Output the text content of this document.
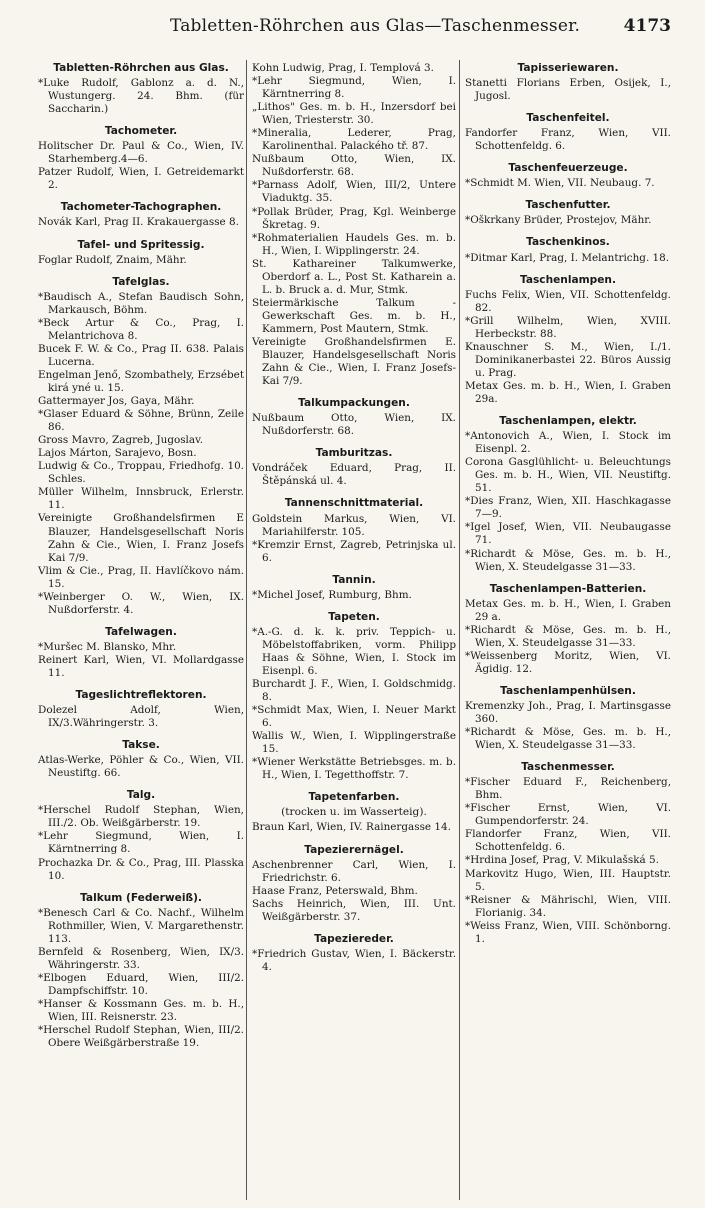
Tabletten-Röhrchen aus Glas—Taschenmesser.	4173
Tabletten-Röhrchen aus Glas.
*Luke Rudolf, Gablonz a. d. N., Wustungerg. 24. Bhm. (für Saccharin.)
Tachometer.
Holitscher Dr. Paul & Co., Wien, IV. Starhemberg.4—6.
Patzer Rudolf, Wien, I. Getreidemarkt 2.
Tachometer-Tachographen.
Novák Karl, Prag II. Krakauergasse 8.
Tafel- und Spritessig.
Foglar Rudolf, Znaim, Mähr.
Tafelglas.
*Baudisch A., Stefan Baudisch Sohn, Markausch, Böhm.
*Beck Artur & Co., Prag, I. Melantrichova 8.
Bucek F. W. & Co., Prag II. 638. Palais Lucerna.
Engelman Jenő, Szombathely, Erzsébet kirá yné u. 15.
Gattermayer Jos, Gaya, Mähr.
*Glaser Eduard & Söhne, Brünn, Zeile 86.
Gross Mavro, Zagreb, Jugoslav.
Lajos Márton, Sarajevo, Bosn.
Ludwig & Co., Troppau, Friedhofg. 10. Schles.
Müller Wilhelm, Innsbruck, Erlerstr. 11.
Vereinigte Großhandelsfirmen E Blauzer, Handelsgesellschaft Noris Zahn & Cie., Wien, I. Franz Josefs Kai 7/9.
Vlim & Cie., Prag, II. Havlíčkovo nám. 15.
*Weinberger O. W., Wien, IX. Nußdorferstr. 4.
Tafelwagen.
*Muršec M. Blansko, Mhr.
Reinert Karl, Wien, VI. Mollardgasse 11.
Tageslichtreflektoren.
Dolezel Adolf, Wien, IX/3.Währingerstr. 3.
Takse.
Atlas-Werke, Pöhler & Co., Wien, VII. Neustiftg. 66.
Talg.
*Herschel Rudolf Stephan, Wien, III./2. Ob. Weißgärberstr. 19.
*Lehr Siegmund, Wien, I. Kärntnerring 8.
Prochazka Dr. & Co., Prag, III. Plasska 10.
Talkum (Federweiß).
*Benesch Carl & Co. Nachf., Wilhelm Rothmiller, Wien, V. Margarethenstr. 113.
Bernfeld & Rosenberg, Wien, IX/3. Währingerstr. 33.
*Elbogen Eduard, Wien, III/2. Dampfschiffstr. 10.
*Hanser & Kossmann Ges. m. b. H., Wien, III. Reisnerstr. 23.
*Herschel Rudolf Stephan, Wien, III/2. Obere Weißgärberstraße 19.
Kohn Ludwig, Prag, I. Templová 3.
*Lehr Siegmund, Wien, I. Kärntnerring 8.
„Lithos" Ges. m. b. H., Inzersdorf bei Wien, Triesterstr. 30.
*Mineralia, Lederer, Prag, Karolinenthal. Palackého tř. 87.
Nußbaum Otto, Wien, IX. Nußdorferstr. 68.
*Parnass Adolf, Wien, III/2, Untere Viaduktg. 35.
*Pollak Brüder, Prag, Kgl. Weinberge Škretag. 9.
*Rohmaterialien Haudels Ges. m. b. H., Wien, I. Wipplingerstr. 24.
St. Kathareiner Talkumwerke, Oberdorf a. L., Post St. Katharein a. L. b. Bruck a. d. Mur, Stmk.
Steiermärkische Talkum - Gewerkschaft Ges. m. b. H., Kammern, Post Mautern, Stmk.
Vereinigte Großhandelsfirmen E. Blauzer, Handelsgesellschaft Noris Zahn & Cie., Wien, I. Franz Josefs-Kai 7/9.
Talkumpackungen.
Nußbaum Otto, Wien, IX. Nußdorferstr. 68.
Tamburitzas.
Vondráček Eduard, Prag, II. Štěpánská ul. 4.
Tannenschnittmaterial.
Goldstein Markus, Wien, VI. Mariahilferstr. 105.
*Kremzir Ernst, Zagreb, Petrinjska ul. 6.
Tannin.
*Michel Josef, Rumburg, Bhm.
Tapeten.
*A.-G. d. k. k. priv. Teppich- u. Möbelstoffabriken, vorm. Philipp Haas & Söhne, Wien, I. Stock im Eisenpl. 6.
Burchardt J. F., Wien, I. Goldschmidg. 8.
*Schmidt Max, Wien, I. Neuer Markt 6.
Wallis W., Wien, I. Wipplingerstraße 15.
*Wiener Werkstätte Betriebsges. m. b. H., Wien, I. Tegetthoffstr. 7.
Tapetenfarben.
(trocken u. im Wasserteig).
Braun Karl, Wien, IV. Rainergasse 14.
Tapezierernägel.
Aschenbrenner Carl, Wien, I. Friedrichstr. 6.
Haase Franz, Peterswald, Bhm.
Sachs Heinrich, Wien, III. Unt. Weißgärberstr. 37.
Tapeziereder.
*Friedrich Gustav, Wien, I. Bäckerstr. 4.
Tapisseriewaren.
Stanetti Florians Erben, Osijek, I., Jugosl.
Taschenfeitel.
Fandorfer Franz, Wien, VII. Schottenfeldg. 6.
Taschenfeuerzeuge.
*Schmidt M. Wien, VII. Neubaug. 7.
Taschenfutter.
*Oškrkany Brüder, Prostejov, Mähr.
Taschenkinos.
*Ditmar Karl, Prag, I. Melantrichg. 18.
Taschenlampen.
Fuchs Felix, Wien, VII. Schottenfeldg. 82.
*Grill Wilhelm, Wien, XVIII. Herbeckstr. 88.
Knauschner S. M., Wien, I./1. Dominikanerbastei 22. Büros Aussig u. Prag.
Metax Ges. m. b. H., Wien, I. Graben 29a.
Taschenlampen, elektr.
*Antonovich A., Wien, I. Stock im Eisenpl. 2.
Corona Gasglühlicht- u. Beleuchtungs Ges. m. b. H., Wien, VII. Neustiftg. 51.
*Dies Franz, Wien, XII. Haschkagasse 7—9.
*Igel Josef, Wien, VII. Neubaugasse 71.
*Richardt & Möse, Ges. m. b. H., Wien, X. Steudelgasse 31—33.
Taschenlampen-Batterien.
Metax Ges. m. b. H., Wien, I. Graben 29 a.
*Richardt & Möse, Ges. m. b. H., Wien, X. Steudelgasse 31—33.
*Weissenberg Moritz, Wien, VI. Ägidig. 12.
Taschenlampenhülsen.
Kremenzky Joh., Prag, I. Martinsgasse 360.
*Richardt & Möse, Ges. m. b. H., Wien, X. Steudelgasse 31—33.
Taschenmesser.
*Fischer Eduard F., Reichenberg, Bhm.
*Fischer Ernst, Wien, VI. Gumpendorferstr. 24.
Flandorfer Franz, Wien, VII. Schottenfeldg. 6.
*Hrdina Josef, Prag, V. Mikulašská 5.
Markovitz Hugo, Wien, III. Hauptstr. 5.
*Reisner & Mährischl, Wien, VIII. Florianig. 34.
*Weiss Franz, Wien, VIII. Schönborng. 1.
